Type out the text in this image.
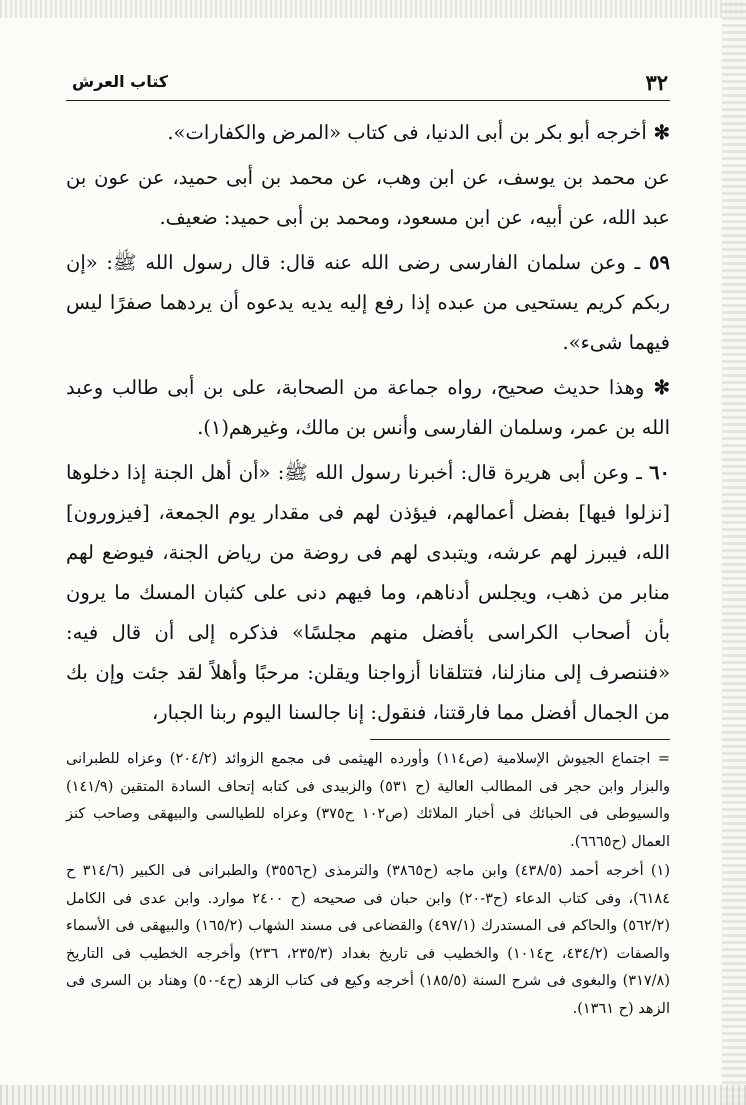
٣٢
كتاب العرش

✻ أخرجه أبو بكر بن أبى الدنيا، فى كتاب «المرض والكفارات».

عن محمد بن يوسف، عن ابن وهب، عن محمد بن أبى حميد، عن عون بن عبد الله، عن أبيه، عن ابن مسعود، ومحمد بن أبى حميد: ضعيف.

٥٩ ـ وعن سلمان الفارسى رضى الله عنه قال: قال رسول الله ﷺ: «إن ربكم كريم يستحيى من عبده إذا رفع إليه يديه يدعوه أن يردهما صفرًا ليس فيهما شىء».

✻ وهذا حديث صحيح، رواه جماعة من الصحابة، على بن أبى طالب وعبد الله بن عمر، وسلمان الفارسى وأنس بن مالك، وغيرهم(١).

٦٠ ـ وعن أبى هريرة قال: أخبرنا رسول الله ﷺ: «أن أهل الجنة إذا دخلوها [نزلوا فيها] بفضل أعمالهم، فيؤذن لهم فى مقدار يوم الجمعة، [فيزورون] الله، فيبرز لهم عرشه، ويتبدى لهم فى روضة من رياض الجنة، فيوضع لهم منابر من ذهب، ويجلس أدناهم، وما فيهم دنى على كثبان المسك ما يرون بأن أصحاب الكراسى بأفضل منهم مجلسًا» فذكره إلى أن قال فيه: «فننصرف إلى منازلنا، فتتلقانا أزواجنا ويقلن: مرحبًا وأهلاً لقد جئت وإن بك من الجمال أفضل مما فارقتنا، فنقول: إنا جالسنا اليوم ربنا الجبار،

= اجتماع الجيوش الإسلامية (ص١١٤) وأورده الهيثمى فى مجمع الزوائد (٢٠٤/٢) وعزاه للطبرانى والبزار وابن حجر فى المطالب العالية (ح ٥٣١) والزبيدى فى كتابه إتحاف السادة المتقين (١٤١/٩) والسيوطى فى الحبائك فى أخبار الملائك (ص١٠٢ ح٣٧٥) وعزاه للطيالسى والبيهقى وصاحب كنز العمال (ح٦٦٦٥).

(١) أخرجه أحمد (٤٣٨/٥) وابن ماجه (ح٣٨٦٥) والترمذى (ح٣٥٥٦) والطبرانى فى الكبير (٣١٤/٦ ح ٦١٨٤)، وفى كتاب الدعاء (ح٣-٢٠) وابن حبان فى صحيحه (ح ٢٤٠٠ موارد. وابن عدى فى الكامل (٥٦٢/٢) والحاكم فى المستدرك (٤٩٧/١) والقضاعى فى مسند الشهاب (١٦٥/٢) والبيهقى فى الأسماء والصفات (٤٣٤/٢، ح١٠١٤) والخطيب فى تاريخ بغداد (٢٣٥/٣، ٢٣٦) وأخرجه الخطيب فى التاريخ (٣١٧/٨) والبغوى فى شرح السنة (١٨٥/٥) أخرجه وكيع فى كتاب الزهد (ح٤-٥٠) وهناد بن السرى فى الزهد (ح ١٣٦١).
